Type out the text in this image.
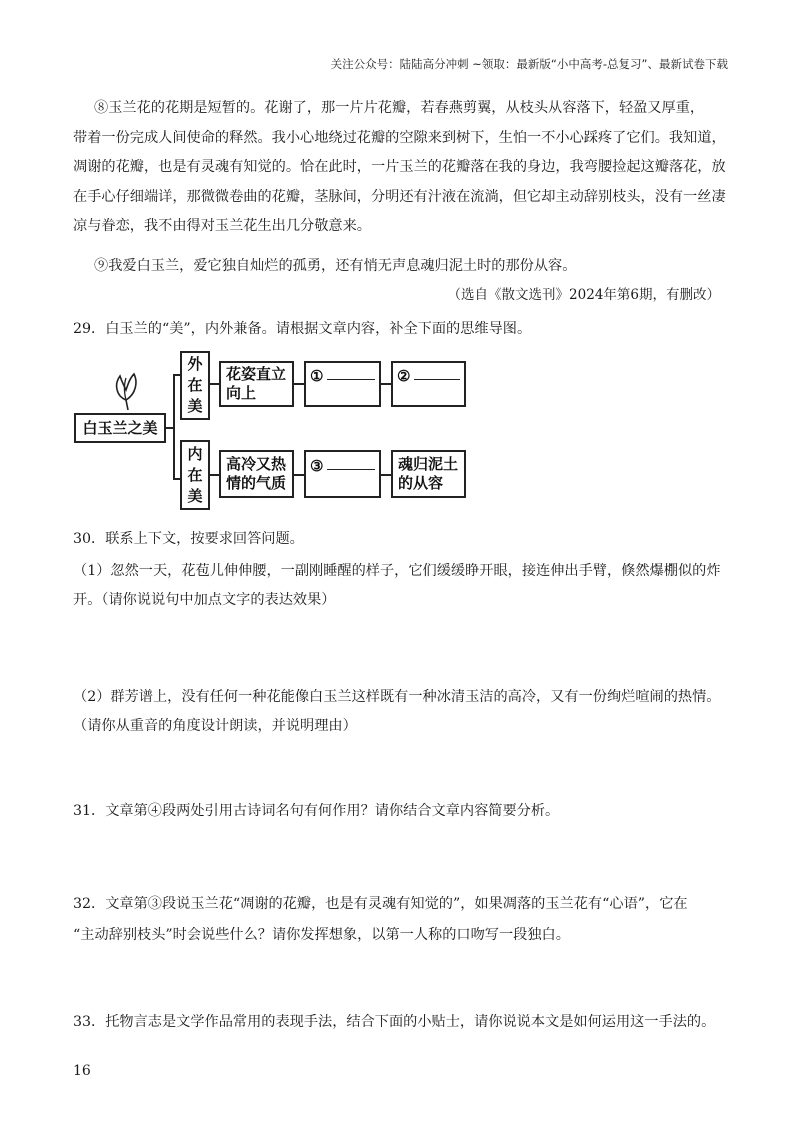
关注公众号：陆陆高分冲刺 ~领取：最新版“小中高考-总复习”、最新试卷下载
⑧玉兰花的花期是短暂的。花谢了，那一片片花瓣，若春燕剪翼，从枝头从容落下，轻盈又厚重，
带着一份完成人间使命的释然。我小心地绕过花瓣的空隙来到树下，生怕一不小心踩疼了它们。我知道，
凋谢的花瓣，也是有灵魂有知觉的。恰在此时，一片玉兰的花瓣落在我的身边，我弯腰捡起这瓣落花，放
在手心仔细端详，那微微卷曲的花瓣，茎脉间，分明还有汁液在流淌，但它却主动辞别枝头，没有一丝凄
凉与眷恋，我不由得对玉兰花生出几分敬意来。
⑨我爱白玉兰，爱它独自灿烂的孤勇，还有悄无声息魂归泥土时的那份从容。
（选自《散文选刊》2024年第6期，有删改）
29．白玉兰的“美”，内外兼备。请根据文章内容，补全下面的思维导图。
白玉兰之美
外
在
美
内
在
美
花姿直立
向上
①	②
高冷又热
情的气质
③	魂归泥土
的从容
30．联系上下文，按要求回答问题。
（1）忽然一天，花苞儿伸伸腰，一副刚睡醒的样子，它们缓缓睁开眼，接连伸出手臂，倏然爆棚似的炸
开。（请你说说句中加点文字的表达效果）
（2）群芳谱上，没有任何一种花能像白玉兰这样既有一种冰清玉洁的高冷，又有一份绚烂喧闹的热情。
（请你从重音的角度设计朗读，并说明理由）
31．文章第④段两处引用古诗词名句有何作用？请你结合文章内容简要分析。
32．文章第③段说玉兰花“凋谢的花瓣，也是有灵魂有知觉的”，如果凋落的玉兰花有“心语”，它在
“主动辞别枝头”时会说些什么？请你发挥想象，以第一人称的口吻写一段独白。
33．托物言志是文学作品常用的表现手法，结合下面的小贴士，请你说说本文是如何运用这一手法的。
16
